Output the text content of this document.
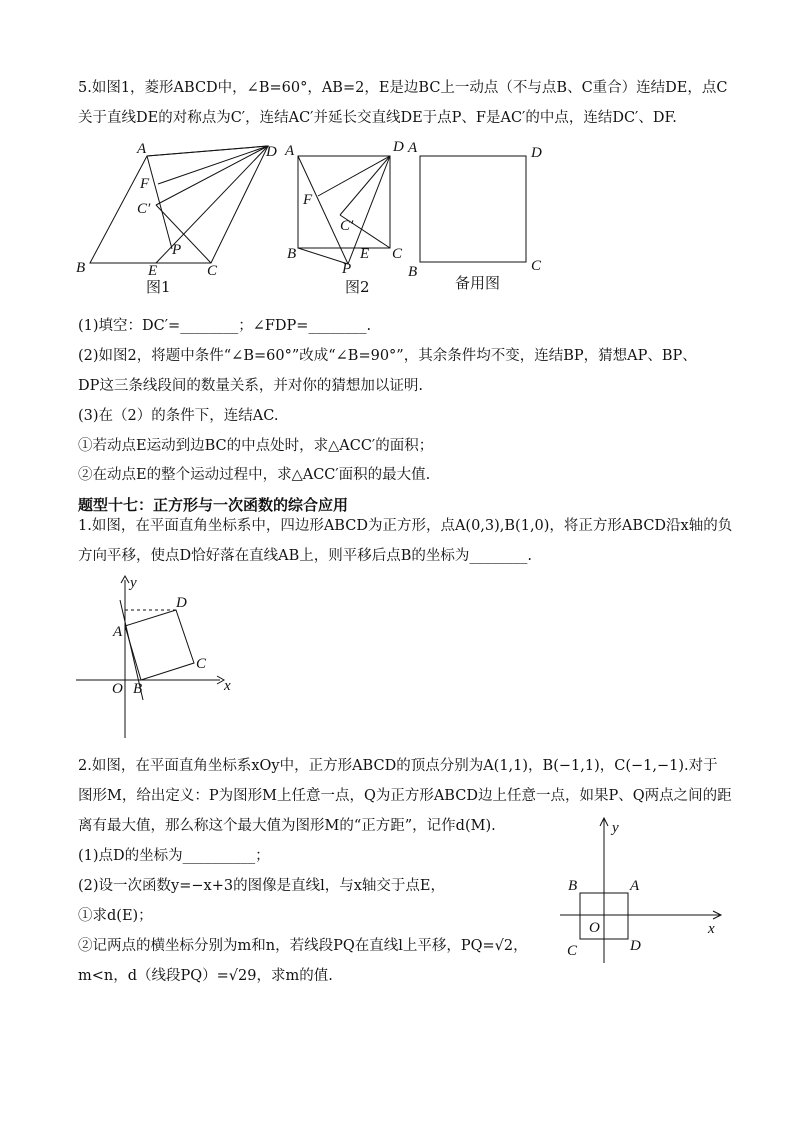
5.如图1，菱形ABCD中，∠B=60°，AB=2，E是边BC上一动点（不与点B、C重合）连结DE，点C
关于直线DE的对称点为C′，连结AC′并延长交直线DE于点P、F是AC′的中点，连结DC′、DF.
A	D
F
C′
P
B	E	C
图1
A	D
F
C′
B	E C
P
图2
A	D
B	C
备用图
(1)填空：DC′=________；∠FDP=________.
(2)如图2，将题中条件“∠B=60°”改成“∠B=90°”，其余条件均不变，连结BP，猜想AP、BP、
DP这三条线段间的数量关系，并对你的猜想加以证明.
(3)在（2）的条件下，连结AC.
①若动点E运动到边BC的中点处时，求△ACC′的面积；
②在动点E的整个运动过程中，求△ACC′面积的最大值.
题型十七：正方形与一次函数的综合应用
1.如图，在平面直角坐标系中，四边形ABCD为正方形，点A(0,3),B(1,0)，将正方形ABCD沿x轴的负
方向平移，使点D恰好落在直线AB上，则平移后点B的坐标为________.
x
y
D
A
C
O B
2.如图，在平面直角坐标系xOy中，正方形ABCD的顶点分别为A(1,1)，B(−1,1)，C(−1,−1).对于
图形M，给出定义：P为图形M上任意一点，Q为正方形ABCD边上任意一点，如果P、Q两点之间的距
离有最大值，那么称这个最大值为图形M的“正方距”，记作d(M).
(1)点D的坐标为__________；
(2)设一次函数y=−x+3的图像是直线l，与x轴交于点E，
①求d(E)；
②记两点的横坐标分别为m和n，若线段PQ在直线l上平移，PQ=√2，
m<n，d（线段PQ）=√29，求m的值.
x
y
B	A
O
C	D
